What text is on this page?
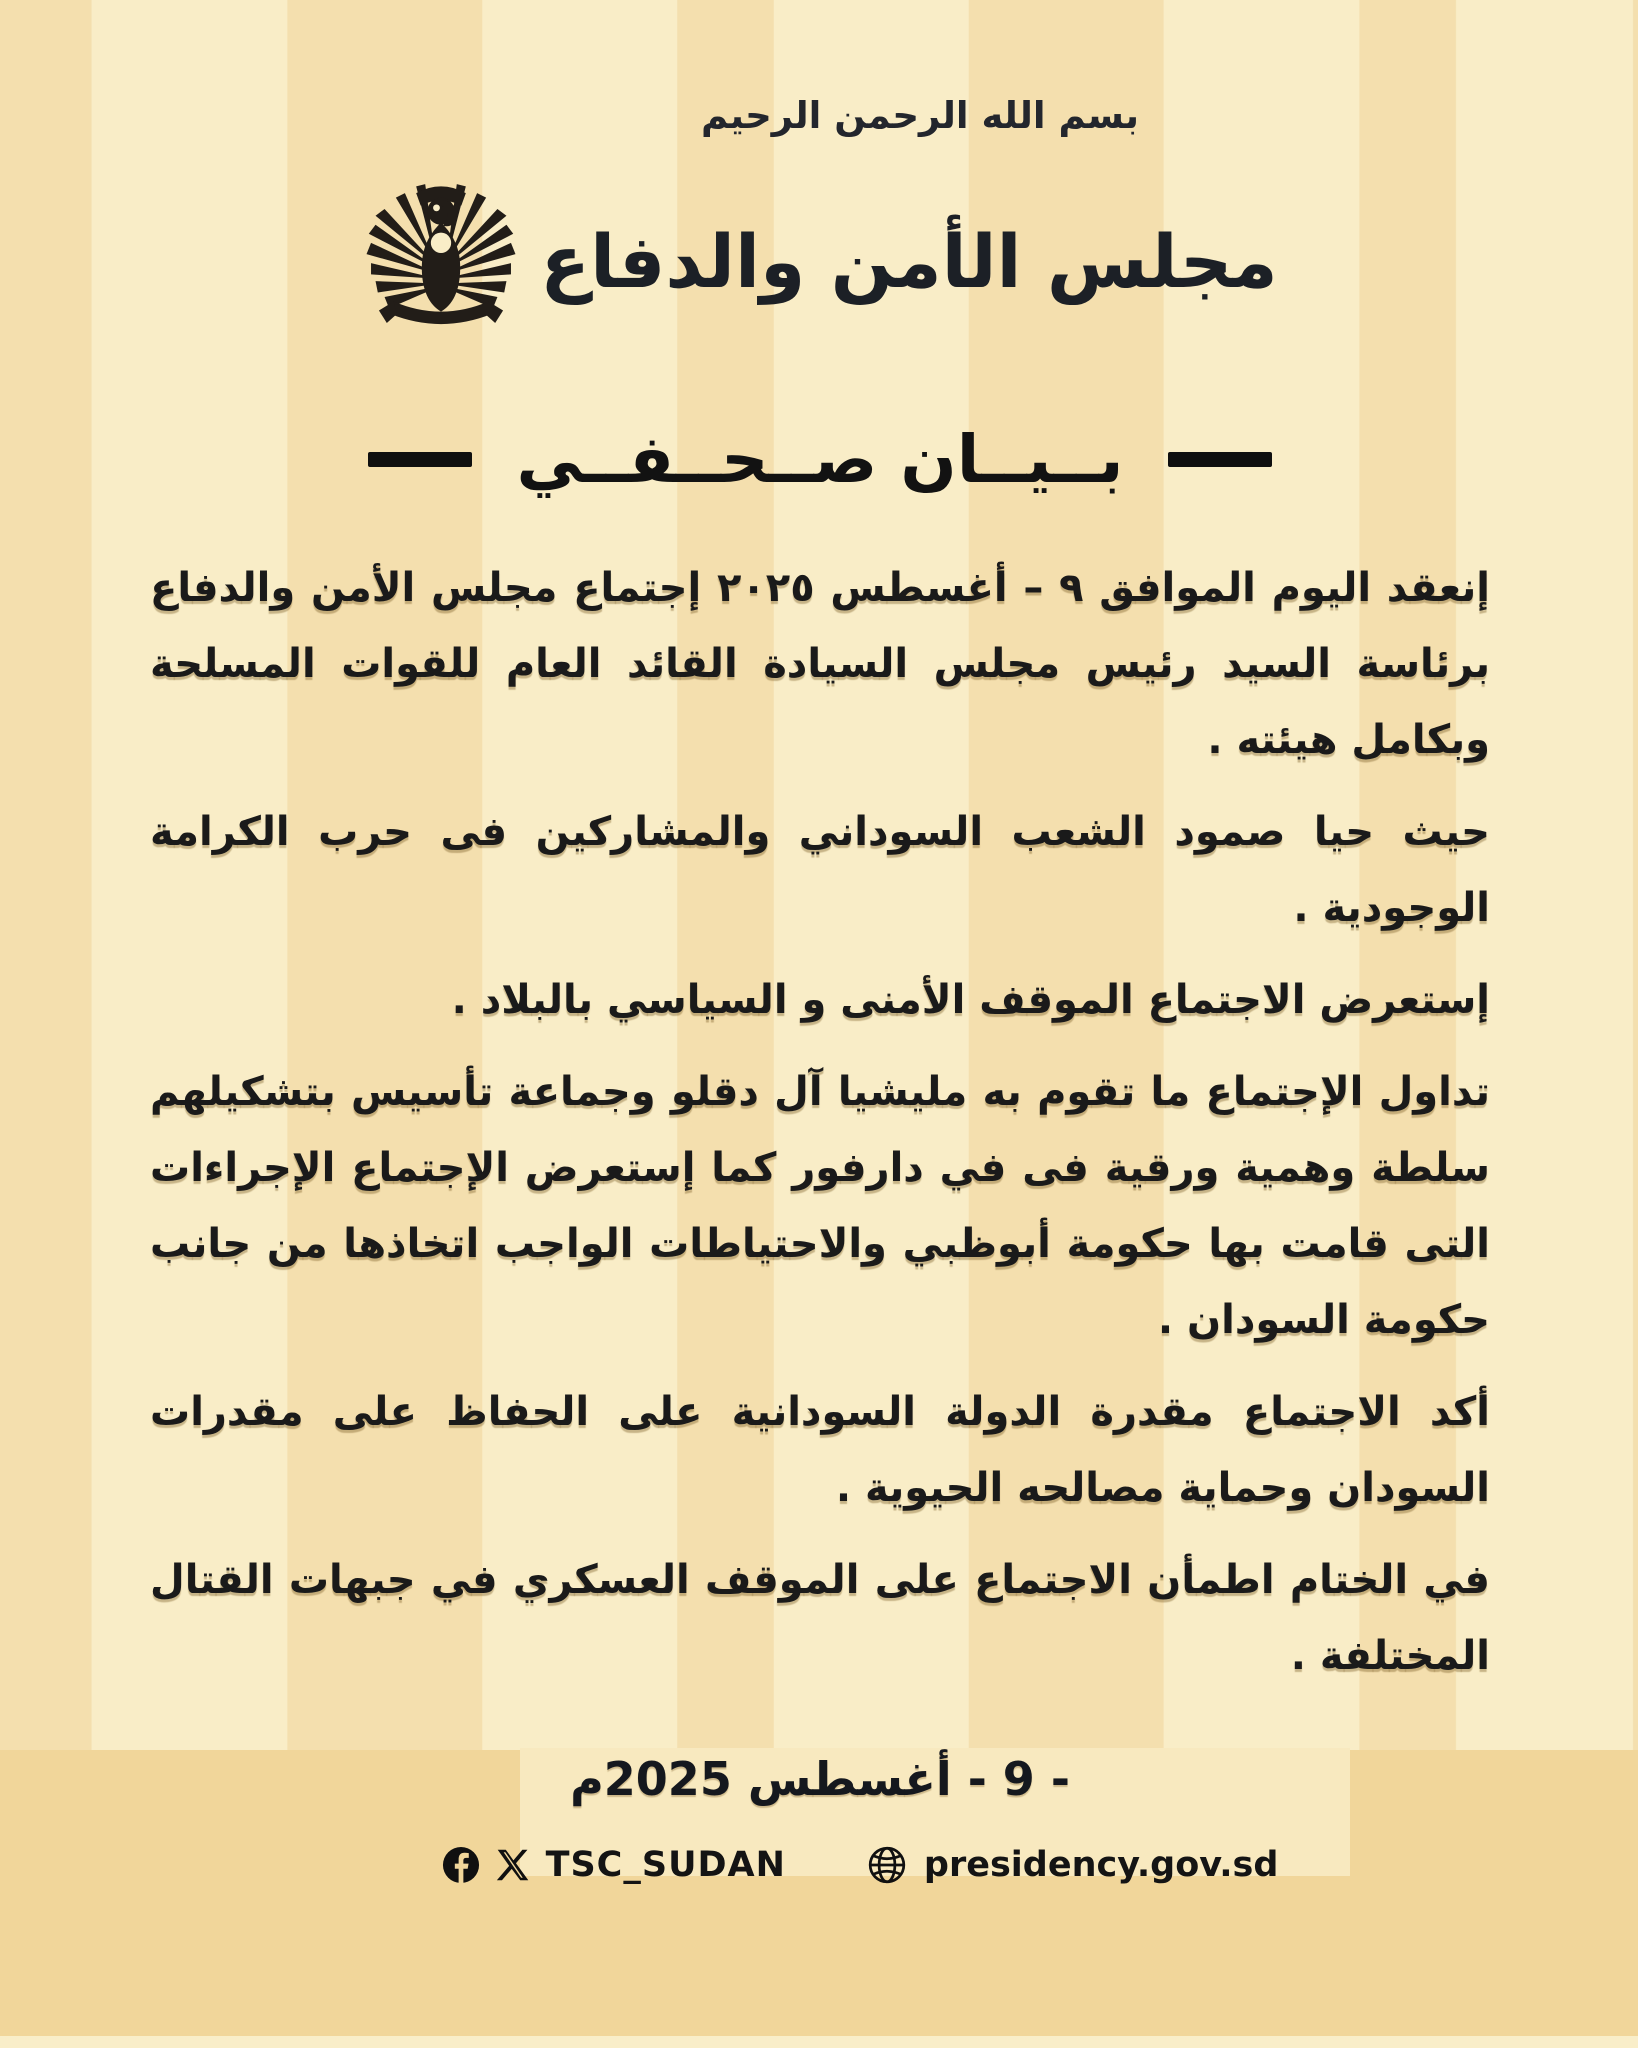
بسم الله الرحمن الرحيم
مجلس الأمن والدفاع
بــيــان صــحــفــي

إنعقد اليوم الموافق ٩ – أغسطس ٢٠٢٥ إجتماع مجلس الأمن والدفاع برئاسة السيد رئيس مجلس السيادة القائد العام للقوات المسلحة وبكامل هيئته .

حيث حيا صمود الشعب السوداني والمشاركين فى حرب الكرامة الوجودية .

إستعرض الاجتماع الموقف الأمنى و السياسي بالبلاد .

تداول الإجتماع ما تقوم به مليشيا آل دقلو وجماعة تأسيس بتشكيلهم سلطة وهمية ورقية فى في دارفور كما إستعرض الإجتماع الإجراءات التى قامت بها حكومة أبوظبي والاحتياطات الواجب اتخاذها من جانب حكومة السودان .

أكد الاجتماع مقدرة الدولة السودانية على الحفاظ على مقدرات السودان وحماية مصالحه الحيوية .

في الختام اطمأن الاجتماع على الموقف العسكري في جبهات القتال المختلفة .

- 9 - أغسطس 2025م
TSC_SUDAN	presidency.gov.sd
